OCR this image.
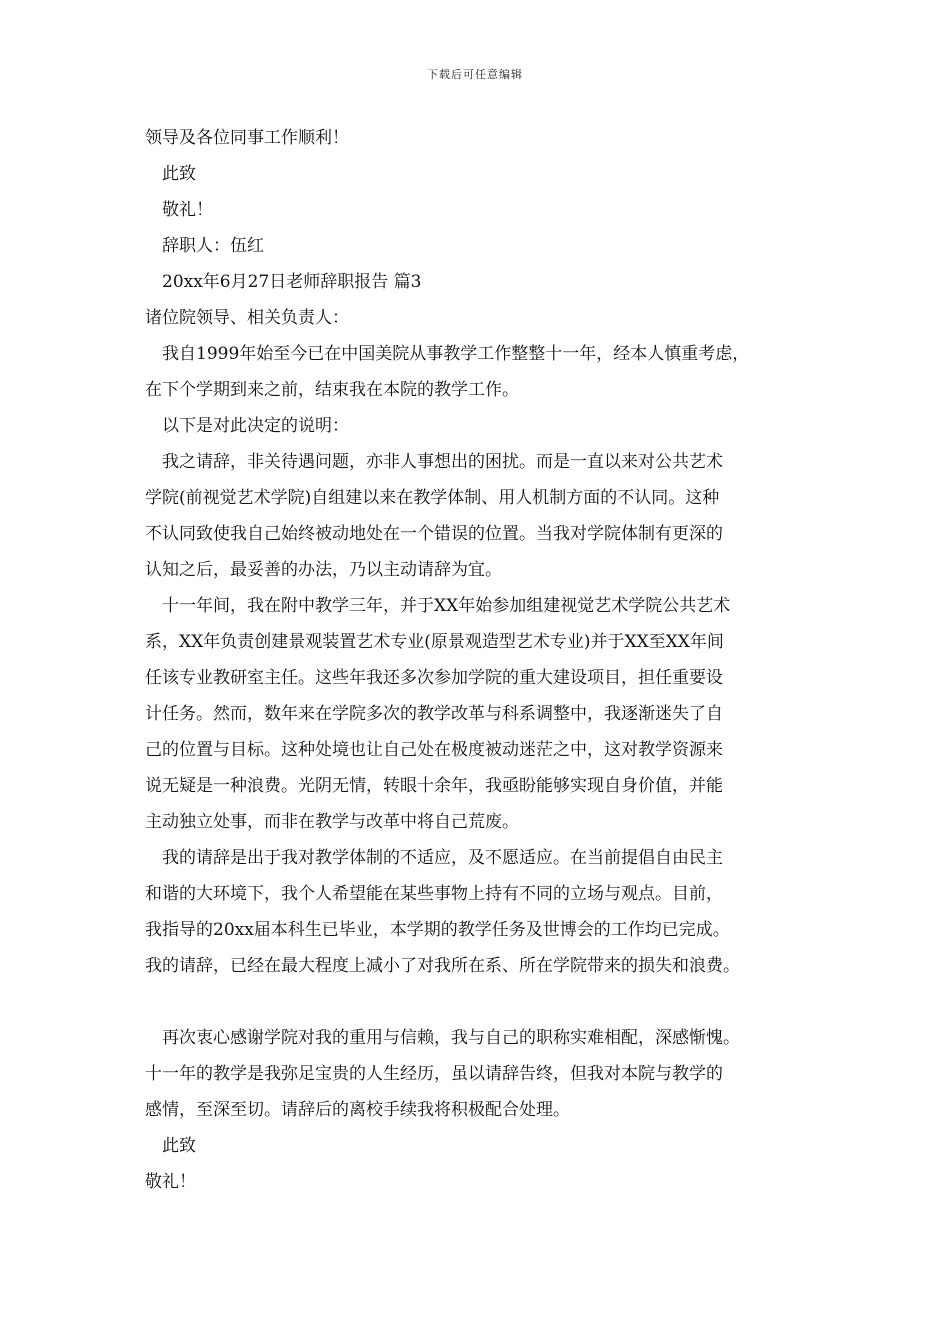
下载后可任意编辑
领导及各位同事工作顺利！
　此致
　敬礼！
　辞职人：伍红
　20xx年6月27日老师辞职报告 篇3
诸位院领导、相关负责人：
　我自1999年始至今已在中国美院从事教学工作整整十一年，经本人慎重考虑，
在下个学期到来之前，结束我在本院的教学工作。
　以下是对此决定的说明：
　我之请辞，非关待遇问题，亦非人事想出的困扰。而是一直以来对公共艺术
学院(前视觉艺术学院)自组建以来在教学体制、用人机制方面的不认同。这种
不认同致使我自己始终被动地处在一个错误的位置。当我对学院体制有更深的
认知之后，最妥善的办法，乃以主动请辞为宜。
　十一年间，我在附中教学三年，并于XX年始参加组建视觉艺术学院公共艺术
系，XX年负责创建景观装置艺术专业(原景观造型艺术专业)并于XX至XX年间
任该专业教研室主任。这些年我还多次参加学院的重大建设项目，担任重要设
计任务。然而，数年来在学院多次的教学改革与科系调整中，我逐渐迷失了自
己的位置与目标。这种处境也让自己处在极度被动迷茫之中，这对教学资源来
说无疑是一种浪费。光阴无情，转眼十余年，我亟盼能够实现自身价值，并能
主动独立处事，而非在教学与改革中将自己荒废。
　我的请辞是出于我对教学体制的不适应，及不愿适应。在当前提倡自由民主
和谐的大环境下，我个人希望能在某些事物上持有不同的立场与观点。目前，
我指导的20xx届本科生已毕业，本学期的教学任务及世博会的工作均已完成。
我的请辞，已经在最大程度上减小了对我所在系、所在学院带来的损失和浪费。
　再次衷心感谢学院对我的重用与信赖，我与自己的职称实难相配，深感惭愧。
十一年的教学是我弥足宝贵的人生经历，虽以请辞告终，但我对本院与教学的
感情，至深至切。请辞后的离校手续我将积极配合处理。
　此致
敬礼！
